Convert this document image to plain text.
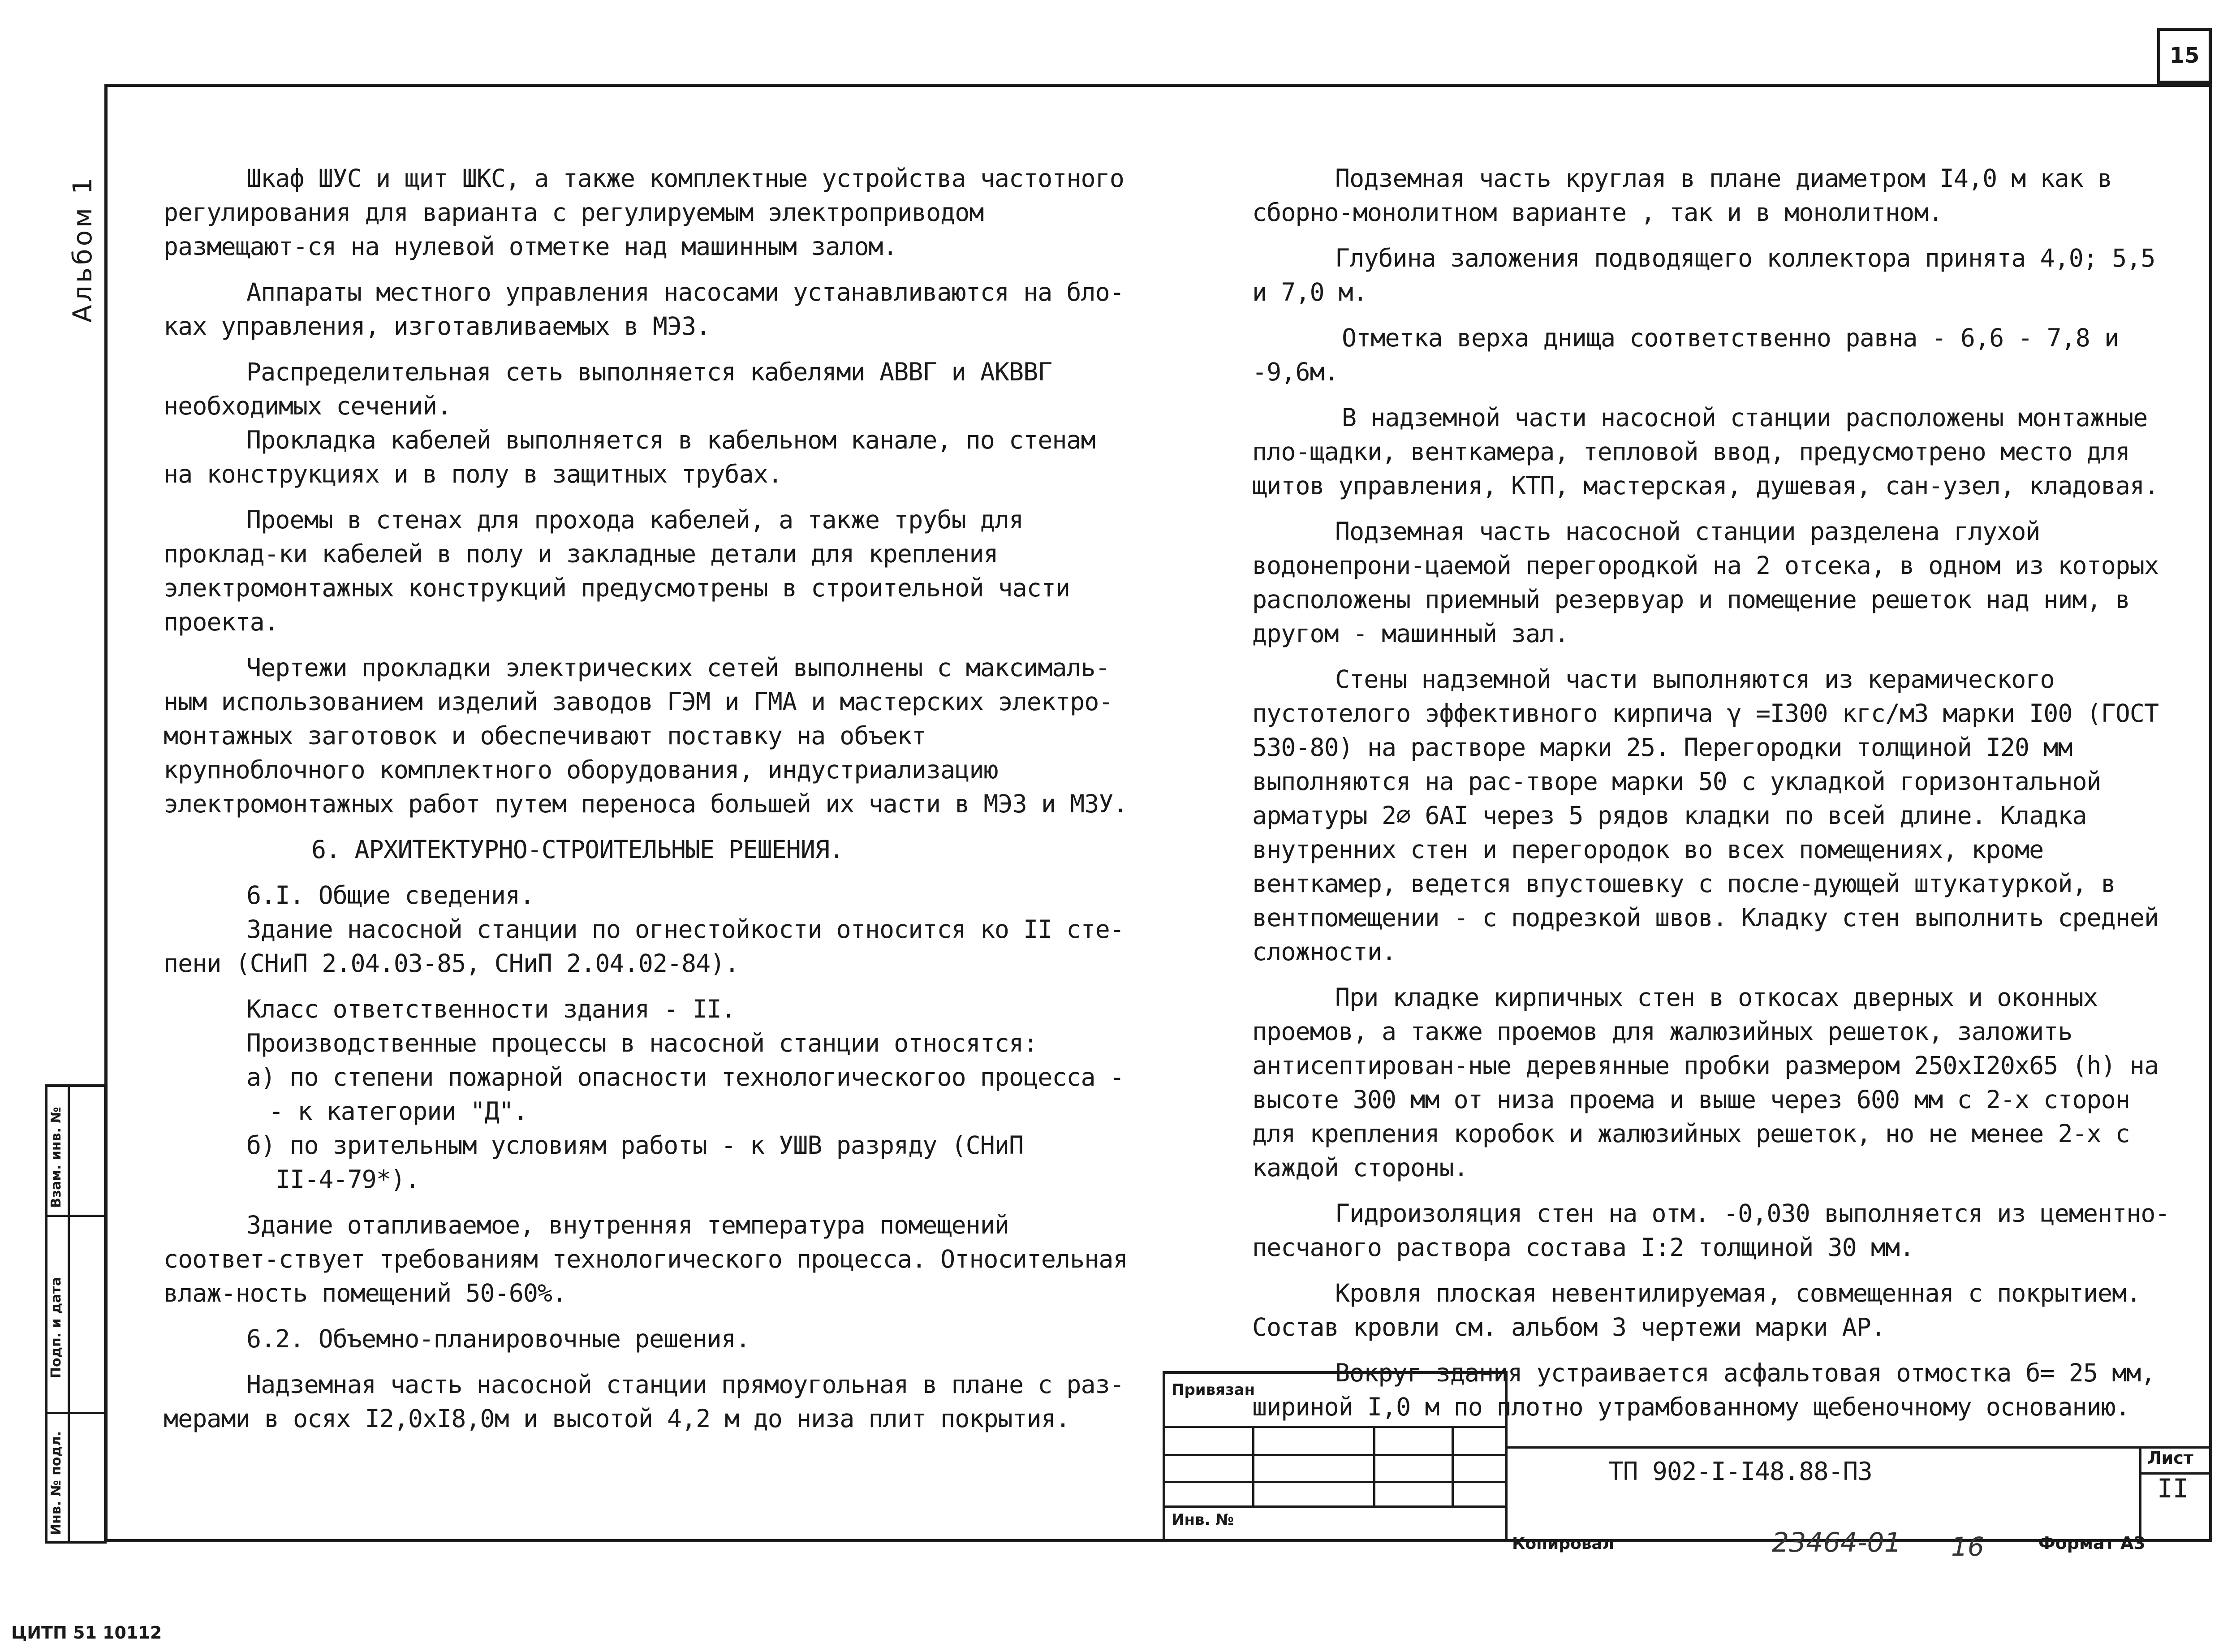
15
Альбом 1
Взам. инв. №
Подп. и дата
Инв. № подл.

Шкаф ШУС и щит ШКС, а также комплектные устройства частотного регулирования для варианта с регулируемым электроприводом размещают-ся на нулевой отметке над машинным залом.

Аппараты местного управления насосами устанавливаются на бло-ках управления, изготавливаемых в МЭЗ.

Распределительная сеть выполняется кабелями АВВГ и АКВВГ необходимых сечений.

Прокладка кабелей выполняется в кабельном канале, по стенам на конструкциях и в полу в защитных трубах.

Проемы в стенах для прохода кабелей, а также трубы для проклад-ки кабелей в полу и закладные детали для крепления электромонтажных конструкций предусмотрены в строительной части проекта.

Чертежи прокладки электрических сетей выполнены с максималь-ным использованием изделий заводов ГЭМ и ГМА и мастерских электро-монтажных заготовок и обеспечивают поставку на объект крупноблочного комплектного оборудования, индустриализацию электромонтажных работ путем переноса большей их части в МЭЗ и МЗУ.

6. АРХИТЕКТУРНО-СТРОИТЕЛЬНЫЕ РЕШЕНИЯ.

6.I. Общие сведения.

Здание насосной станции по огнестойкости относится ко II сте-пени (СНиП 2.04.03-85, СНиП 2.04.02-84).

Класс ответственности здания - II.

Производственные процессы в насосной станции относятся:

а) по степени пожарной опасности технологическогоо процесса -

- к категории "Д".

б) по зрительным условиям работы - к УШВ разряду (СНиП

II-4-79*).

Здание отапливаемое, внутренняя температура помещений соответ-ствует требованиям технологического процесса. Относительная влаж-ность помещений 50-60%.

6.2. Объемно-планировочные решения.

Надземная часть насосной станции прямоугольная в плане с раз-мерами в осях I2,0xI8,0м и высотой 4,2 м до низа плит покрытия.

Подземная часть круглая в плане диаметром I4,0 м как в сборно-монолитном варианте , так и в монолитном.

Глубина заложения подводящего коллектора принята 4,0; 5,5 и 7,0 м.

Отметка верха днища соответственно равна - 6,6 - 7,8 и -9,6м.

В надземной части насосной станции расположены монтажные пло-щадки, венткамера, тепловой ввод, предусмотрено место для щитов управления, КТП, мастерская, душевая, сан-узел, кладовая.

Подземная часть насосной станции разделена глухой водонепрони-цаемой перегородкой на 2 отсека, в одном из которых расположены приемный резервуар и помещение решеток над ним, в другом - машинный зал.

Стены надземной части выполняются из керамического пустотелого эффективного кирпича γ =I300 кгс/м3 марки I00 (ГОСТ 530-80) на растворе марки 25. Перегородки толщиной I20 мм выполняются на рас-творе марки 50 с укладкой горизонтальной арматуры 2⌀ 6AI через 5 рядов кладки по всей длине. Кладка внутренних стен и перегородок во всех помещениях, кроме венткамер, ведется впустошевку с после-дующей штукатуркой, в вентпомещении - с подрезкой швов. Кладку стен выполнить средней сложности.

При кладке кирпичных стен в откосах дверных и оконных проемов, а также проемов для жалюзийных решеток, заложить антисептирован-ные деревянные пробки размером 250xI20x65 (h) на высоте 300 мм от низа проема и выше через 600 мм с 2-х сторон для крепления коробок и жалюзийных решеток, но не менее 2-х с каждой стороны.

Гидроизоляция стен на отм. -0,030 выполняется из цементно-песчаного раствора состава I:2 толщиной 30 мм.

Кровля плоская невентилируемая, совмещенная с покрытием. Состав кровли см. альбом 3 чертежи марки АР.

Вокруг здания устраивается асфальтовая отмостка б= 25 мм, шириной I,0 м по плотно утрамбованному щебеночному основанию.

Привязан
Инв. №
ТП 902-I-I48.88-ПЗ	Лист
II
Копировал	23464-01 16	Формат А3
ЦИТП 51 10112
